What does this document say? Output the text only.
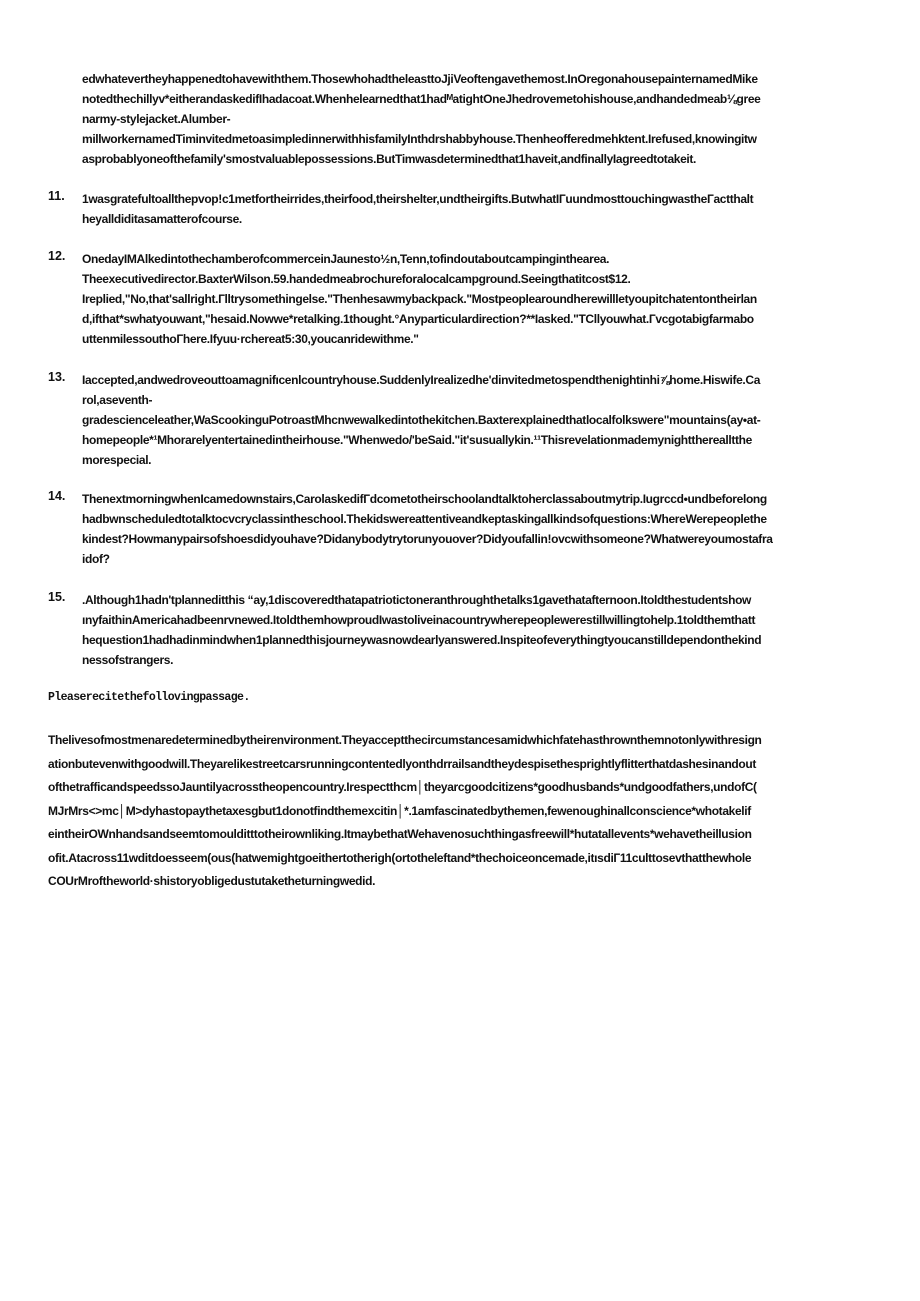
edwhatevertheyhappenedtohavewiththem.ThosewhohadtheleasttoJjiVeoftengavethemost.InOregonahousepainternamedMike
notedthechillyv*eitherandaskedifIhadacoat.Whenhelearnedthat1hadᴹatightOneJhedrovemetohishouse,andhandedmeab⅛gree
narmy-stylejacket.Alumber-
millworkernamedTiminvitedmetoasimpledinnerwithhisfamilyInthdrshabbyhouse.Thenheofferedmehktent.Irefused,knowingitw
asprobablyoneofthefamily'smostvaluablepossessions.ButTimwasdeterminedthat1haveit,andfinallyIagreedtotakeit.
11. 1wasgratefultoallthepvop!c1metfortheirrides,theirfood,theirshelter,undtheirgifts.ButwhatIГuundmosttouchingwastheГactthalt
heyalldiditasamatterofcourse.
12. OnedayIMAlkedintothechamberofcommerceinJaunesto½n,Tenn,tofindoutaboutcampinginthearea.
Theexecutivedirector.BaxterWilson.59.handedmeabrochureforalocalcampground.Seeingthatitcost$12.
Ireplied,"No,that'sallright.Гlltrysomethingelse."Thenhesawmybackpack."Mostpeoplearoundherewillletyoupitchatentontheirlan
d,ifthat*swhatyouwant,"hesaid.Nowwe*retalking.1thought.°Anyparticulardirection?**Iasked."TCllyouwhat.Гvcgotabigfarmabo
uttenmilessouthoГhere.Ifyuu·rchereat5:30,youcanridewithme."
13. Iaccepted,andwedroveouttoamagnifıcenlcountryhouse.SuddenlyIrealizedhe'dinvitedmetospendthenightinhi⅞home.Hiswife.Ca
rol,aseventh-
gradescienceleather,WaScookinguPotroastMhcnwewalkedintothekitchen.Baxterexplainedthatlocalfolkswere"mountains(ay•at-
homepeople*¹Mhorarelyentertainedintheirhouse."Whenwedo/'beSaid."it'susuallykin.¹¹Thisrevelationmademynighttherealltthe
morespecial.
14. ThenextmorningwhenIcamedownstairs,CarolaskedifГdcometotheirschoolandtalktoherclassaboutmytrip.Iugrccd•undbeforelong
hadbwnscheduledtotalktocvcryclassintheschool.Thekidswereattentiveandkeptaskingallkindsofquestions:WhereWerepeoplethe
kindest?Howmanypairsofshoesdidyouhave?Didanybodytrytorunyouover?Didyoufallin!ovcwithsomeone?Whatwereyoumostafra
idof?
15. .Although1hadn'tplanneditthis “ay,1discoveredthatapatriotictoneranthroughthetalks1gavethatafternoon.Itoldthestudentshow
ınyfaithinAmericahadbeenrvnewed.ItoldthemhowproudIwastoliveinacountrywherepeoplewerestillwillingtohelp.1toldthemthatt
hequestion1hadhadinmindwhen1plannedthisjourneywasnowdearlyanswered.Inspiteofeverythingtyoucanstilldependonthekind
nessofstrangers.
Pleaserecitethefollovingpassage.
Thelivesofmostmenaredeterminedbytheirenvironment.Theyacceptthecircumstancesamidwhichfatehasthrownthemnotonlywithresign
ationbutevenwithgoodwill.Theyarelikestreetcarsrunningcontentedlyonthdrrailsandtheydespisethesprightlyflitterthatdashesinandout
ofthetrafficandspeedssoJauntilyacrosstheopencountry.Irespectthcm│theyarcgoodcitizens*goodhusbands*undgoodfathers,undofC(
MJrMrs<>mc│M>dyhastopaythetaxesgbut1donotfindthemexcitin│*.1amfascinatedbythemen,fewenoughinallconscience*whotakelif
eintheirOWnhandsandseemtomoulditttotheirownliking.ItmaybethatWehavenosuchthingasfreewill*hutatallevents*wehavetheillusion
ofit.Atacross11wditdoesseem(ous(hatwemightgoeithertotherigh(ortotheleftand*thechoiceoncemade,itısdiГ11culttosevthatthewhole
COUrMroftheworld·shistoryobligedustutaketheturningwedid.
